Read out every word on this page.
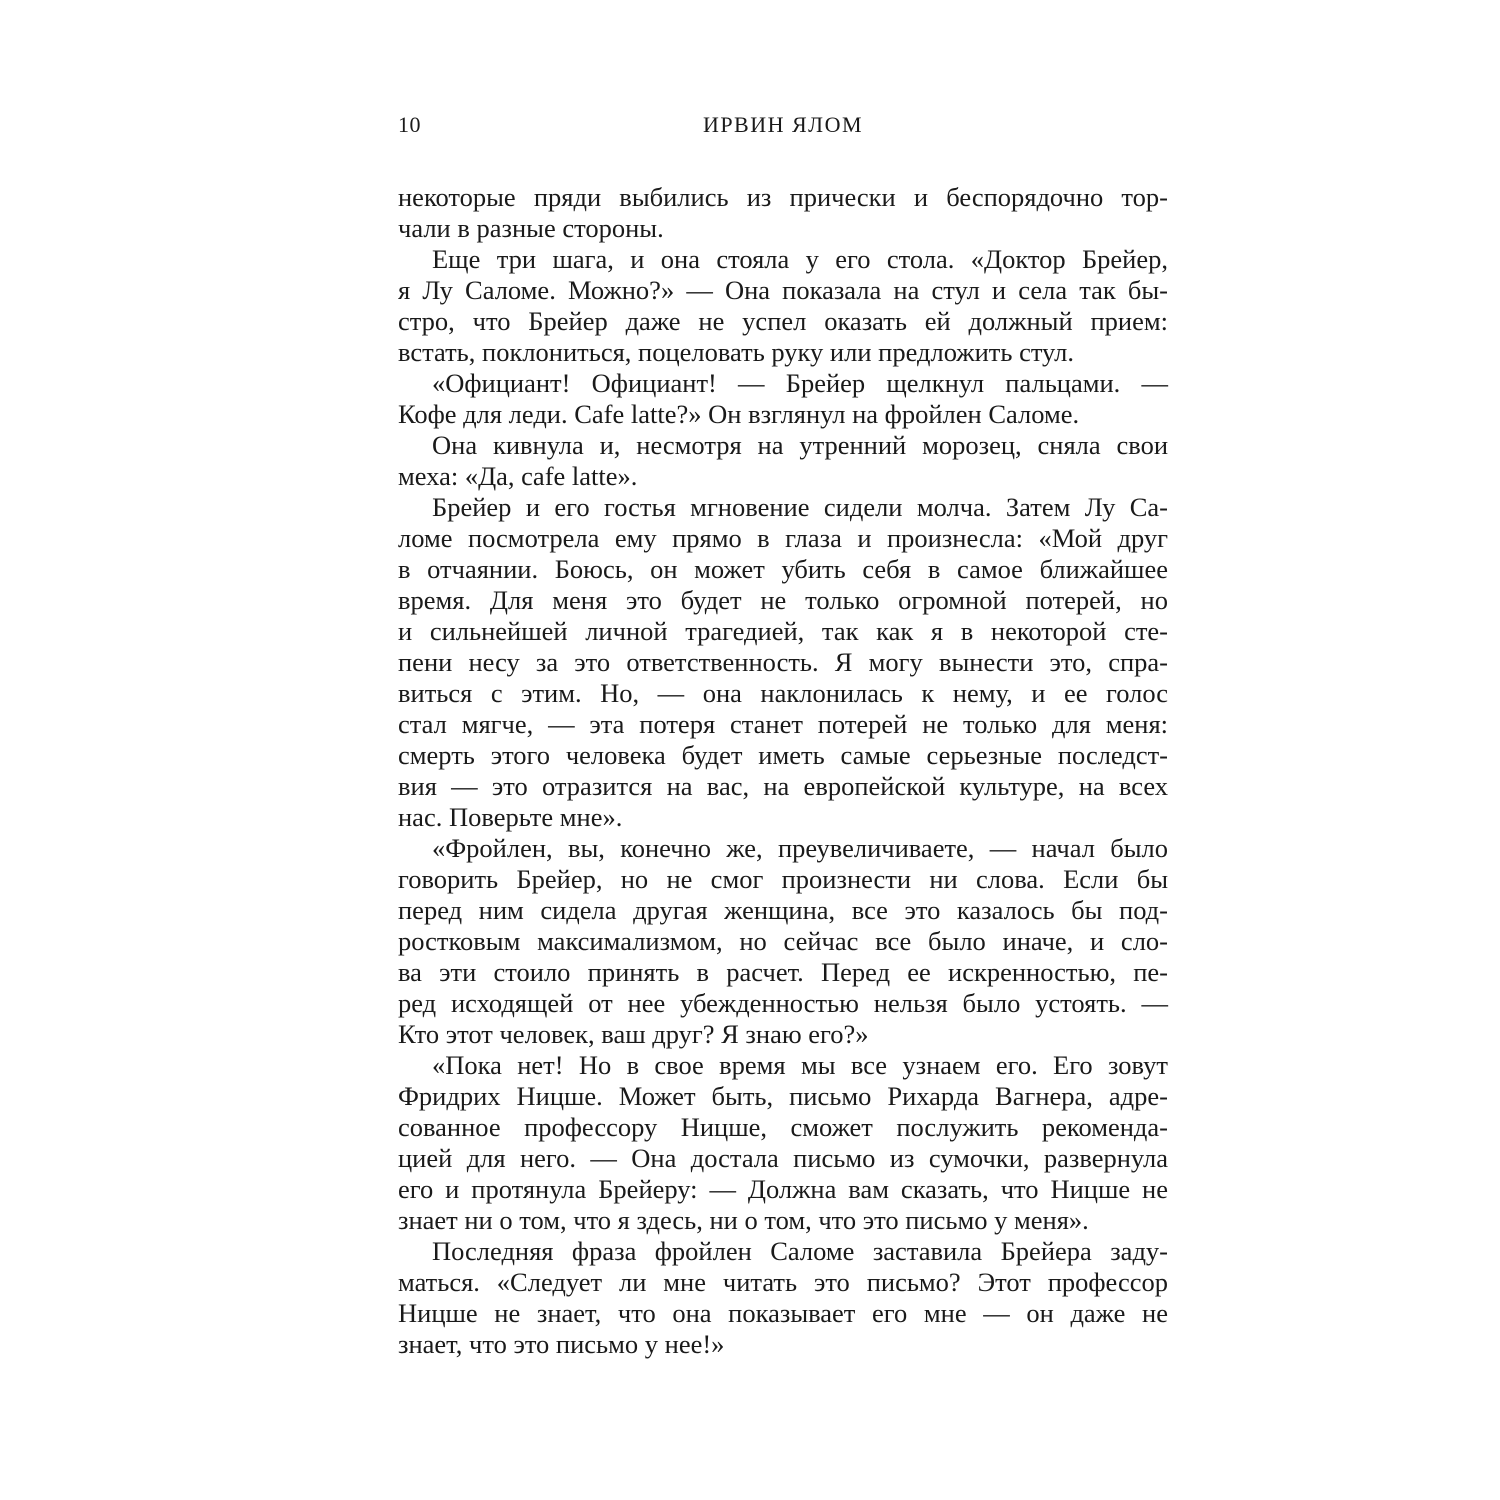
10	ИРВИН ЯЛОМ
некоторые пряди выбились из прически и беспорядочно тор-
чали в разные стороны.
Еще три шага, и она стояла у его стола. «Доктор Брейер,
я Лу Саломе. Можно?» — Она показала на стул и села так бы-
стро, что Брейер даже не успел оказать ей должный прием:
встать, поклониться, поцеловать руку или предложить стул.
«Официант! Официант! — Брейер щелкнул пальцами. —
Кофе для леди. Cafe latte?» Он взглянул на фройлен Саломе.
Она кивнула и, несмотря на утренний морозец, сняла свои
меха: «Да, cafe latte».
Брейер и его гостья мгновение сидели молча. Затем Лу Са-
ломе посмотрела ему прямо в глаза и произнесла: «Мой друг
в отчаянии. Боюсь, он может убить себя в самое ближайшее
время. Для меня это будет не только огромной потерей, но
и сильнейшей личной трагедией, так как я в некоторой сте-
пени несу за это ответственность. Я могу вынести это, спра-
виться с этим. Но, — она наклонилась к нему, и ее голос
стал мягче, — эта потеря станет потерей не только для меня:
смерть этого человека будет иметь самые серьезные последст-
вия — это отразится на вас, на европейской культуре, на всех
нас. Поверьте мне».
«Фройлен, вы, конечно же, преувеличиваете, — начал было
говорить Брейер, но не смог произнести ни слова. Если бы
перед ним сидела другая женщина, все это казалось бы под-
ростковым максимализмом, но сейчас все было иначе, и сло-
ва эти стоило принять в расчет. Перед ее искренностью, пе-
ред исходящей от нее убежденностью нельзя было устоять. —
Кто этот человек, ваш друг? Я знаю его?»
«Пока нет! Но в свое время мы все узнаем его. Его зовут
Фридрих Ницше. Может быть, письмо Рихарда Вагнера, адре-
сованное профессору Ницше, сможет послужить рекоменда-
цией для него. — Она достала письмо из сумочки, развернула
его и протянула Брейеру: — Должна вам сказать, что Ницше не
знает ни о том, что я здесь, ни о том, что это письмо у меня».
Последняя фраза фройлен Саломе заставила Брейера заду-
маться. «Следует ли мне читать это письмо? Этот профессор
Ницше не знает, что она показывает его мне — он даже не
знает, что это письмо у нее!»
